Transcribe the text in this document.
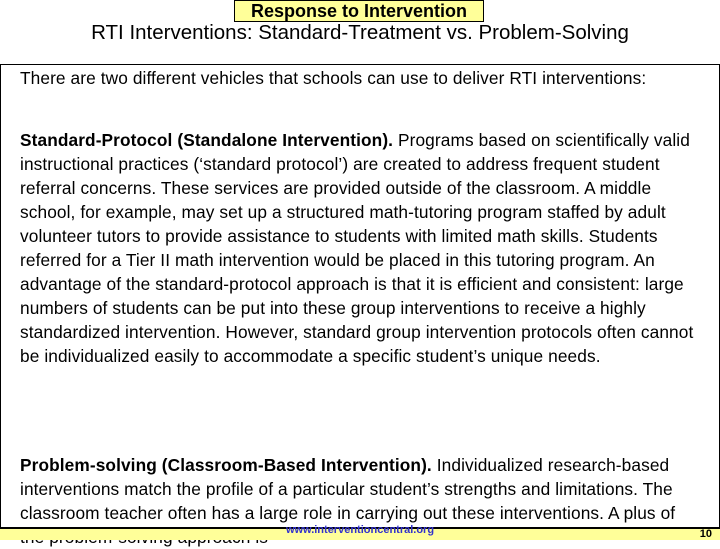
Response to Intervention
RTI Interventions: Standard-Treatment vs. Problem-Solving
There are two different vehicles that schools can use to deliver RTI interventions:
Standard-Protocol (Standalone Intervention). Programs based on scientifically valid instructional practices (‘standard protocol’) are created to address frequent student referral concerns. These services are provided outside of the classroom. A middle school, for example, may set up a structured math-tutoring program staffed by adult volunteer tutors to provide assistance to students with limited math skills. Students referred for a Tier II math intervention would be placed in this tutoring program. An advantage of the standard-protocol approach is that it is efficient and consistent: large numbers of students can be put into these group interventions to receive a highly standardized intervention. However, standard group intervention protocols often cannot be individualized easily to accommodate a specific student’s unique needs.
Problem-solving (Classroom-Based Intervention). Individualized research-based interventions match the profile of a particular student’s strengths and limitations. The classroom teacher often has a large role in carrying out these interventions. A plus of
www.interventioncentral.org	10
